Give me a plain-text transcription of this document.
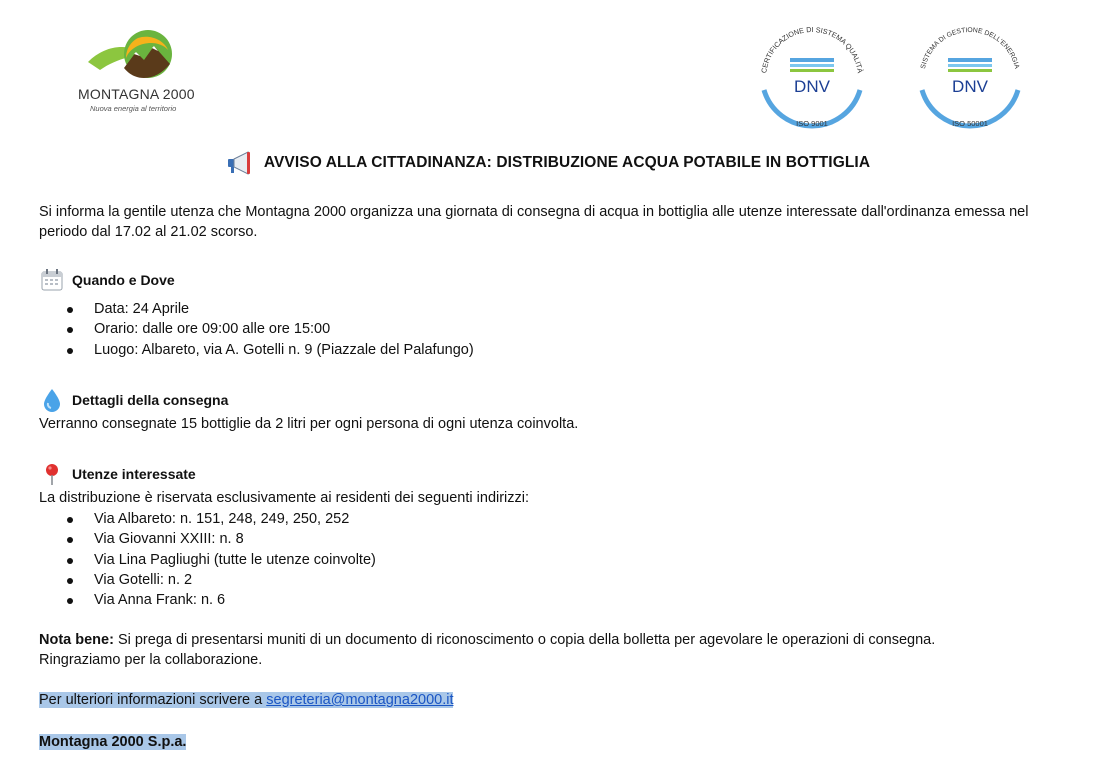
MONTAGNA 2000
Nuova energia al territorio
CERTIFICAZIONE DI SISTEMA QUALITÀ
DNV
ISO 9001
SISTEMA DI GESTIONE DELL'ENERGIA
DNV
ISO 50001
AVVISO ALLA CITTADINANZA: DISTRIBUZIONE ACQUA POTABILE IN BOTTIGLIA
Si informa la gentile utenza che Montagna 2000 organizza una giornata di consegna di acqua in bottiglia alle utenze interessate dall'ordinanza emessa nel periodo dal 17.02 al 21.02 scorso.
Quando e Dove
Data: 24 Aprile
Orario: dalle ore 09:00 alle ore 15:00
Luogo: Albareto, via A. Gotelli n. 9 (Piazzale del Palafungo)
Dettagli della consegna
Verranno consegnate 15 bottiglie da 2 litri per ogni persona di ogni utenza coinvolta.
Utenze interessate
La distribuzione è riservata esclusivamente ai residenti dei seguenti indirizzi:
Via Albareto: n. 151, 248, 249, 250, 252
Via Giovanni XXIII: n. 8
Via Lina Pagliughi (tutte le utenze coinvolte)
Via Gotelli: n. 2
Via Anna Frank: n. 6
Nota bene: Si prega di presentarsi muniti di un documento di riconoscimento o copia della bolletta per agevolare le operazioni di consegna.
Ringraziamo per la collaborazione.
Per ulteriori informazioni scrivere a segreteria@montagna2000.it
Montagna 2000 S.p.a.
